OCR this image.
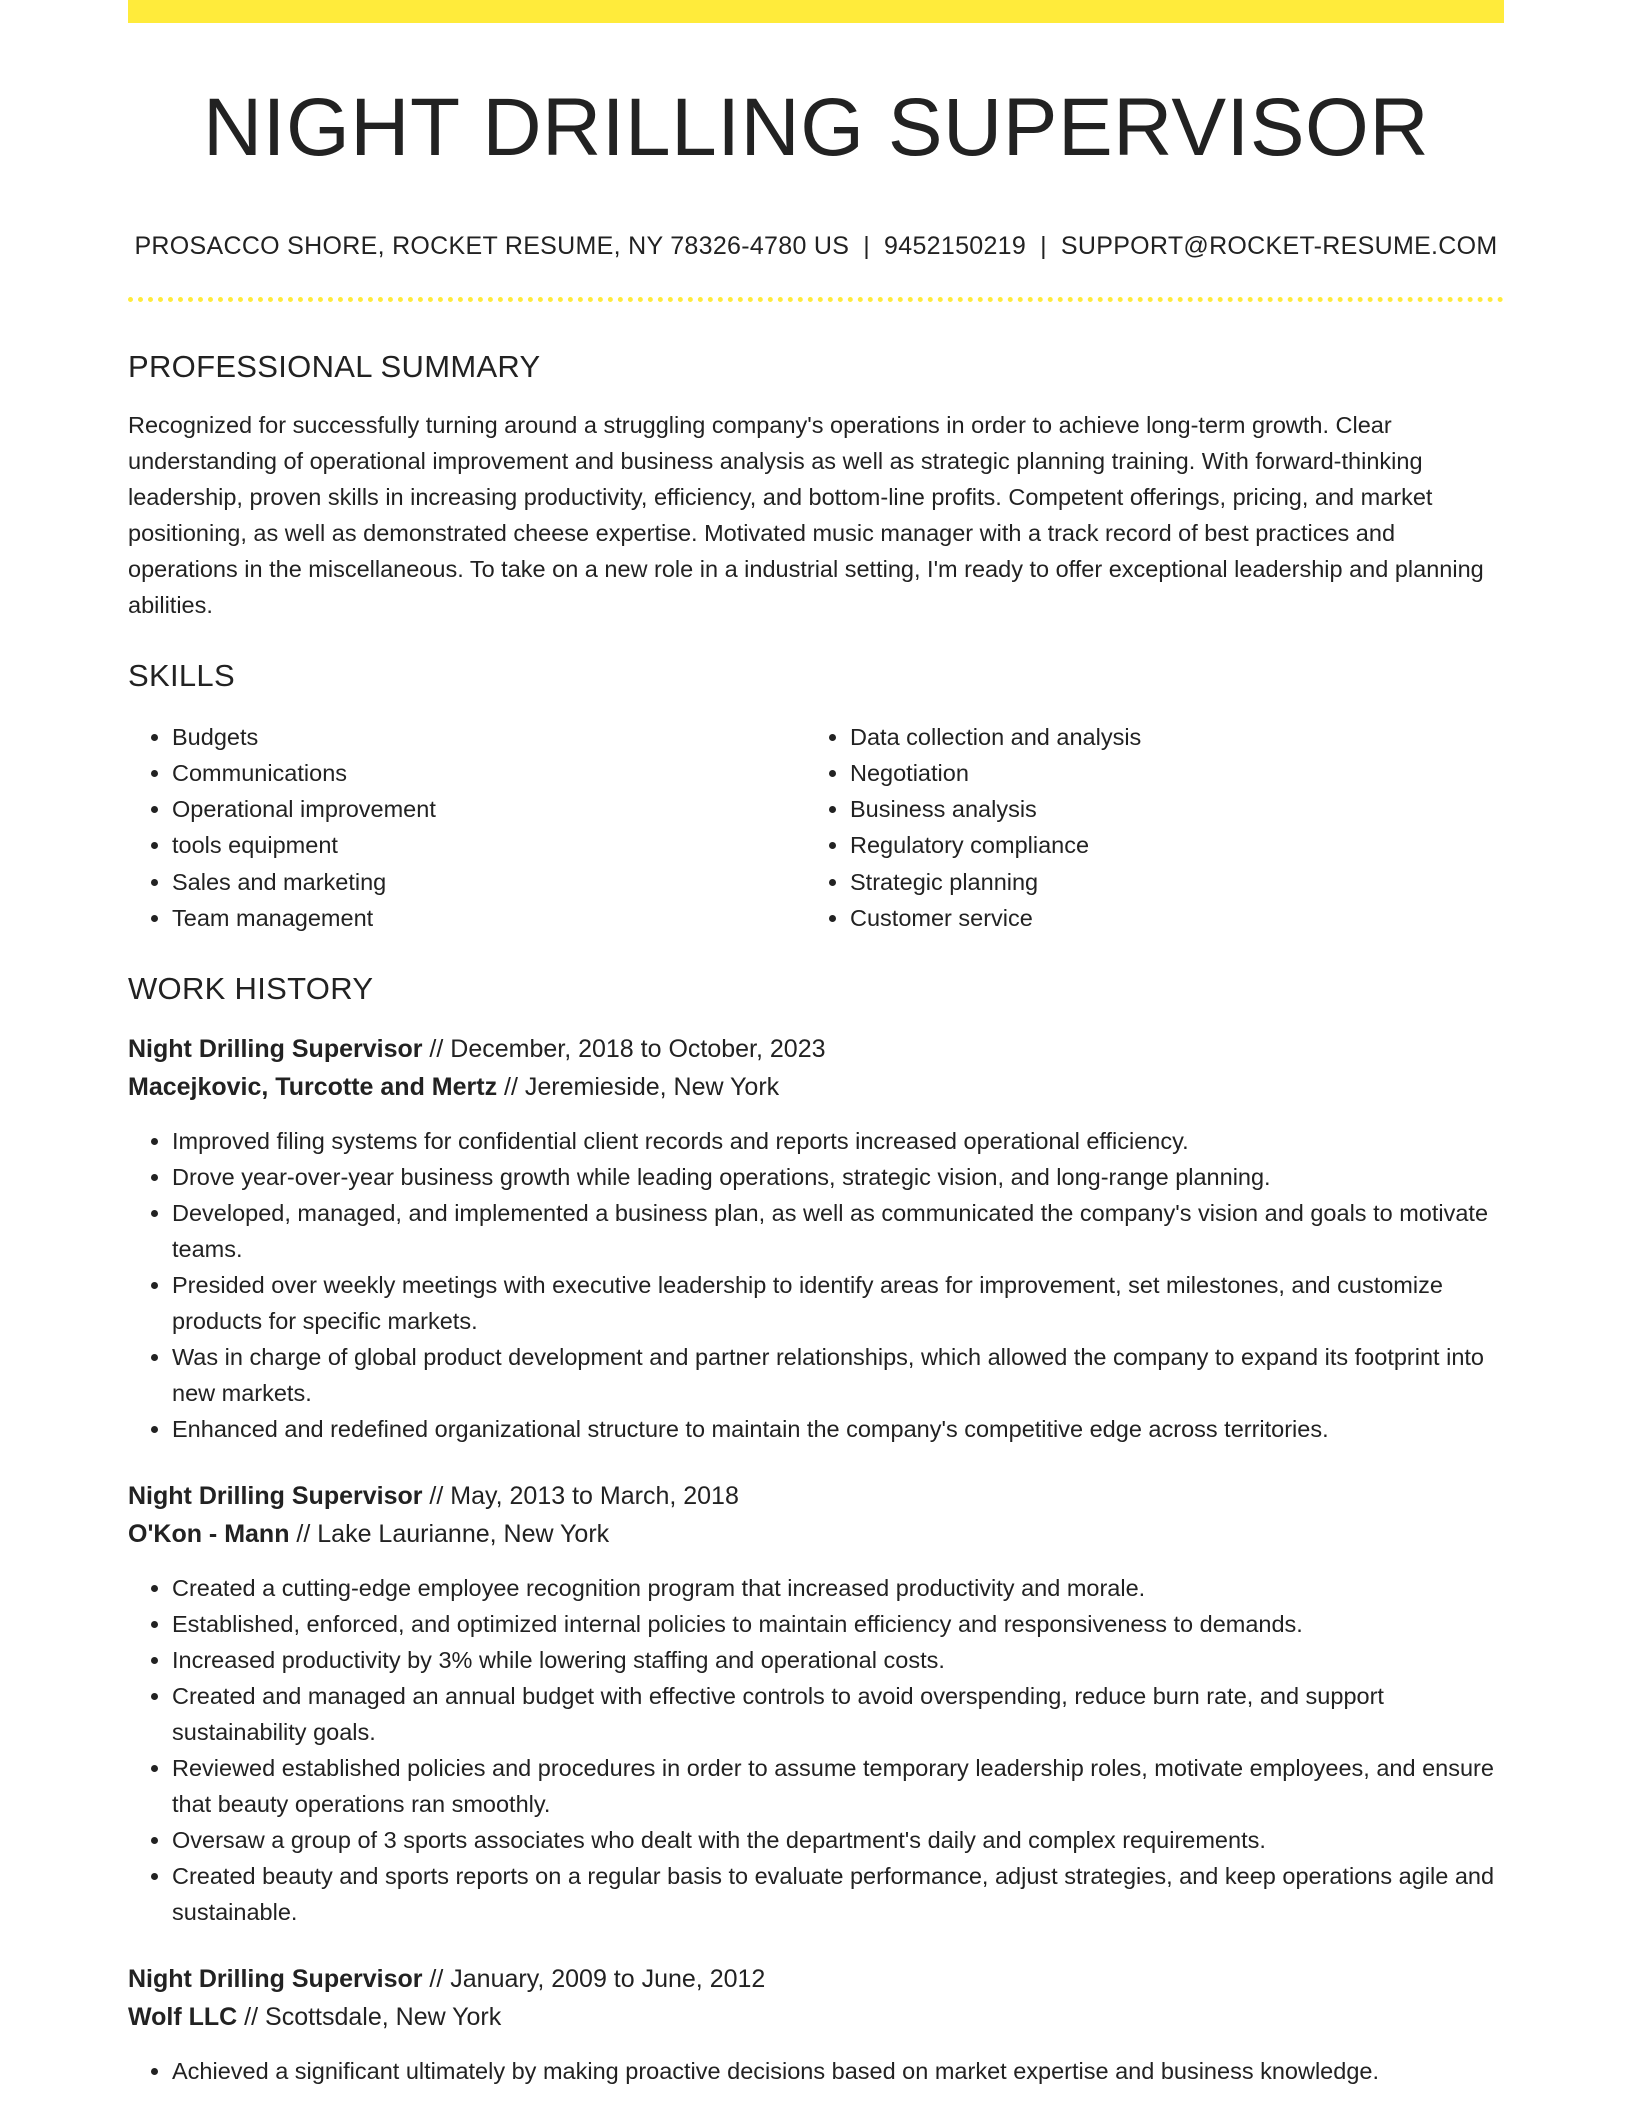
NIGHT DRILLING SUPERVISOR
PROSACCO SHORE, ROCKET RESUME, NY 78326-4780 US | 9452150219 | SUPPORT@ROCKET-RESUME.COM
PROFESSIONAL SUMMARY

Recognized for successfully turning around a struggling company's operations in order to achieve long-term growth. Clear understanding of operational improvement and business analysis as well as strategic planning training. With forward-thinking leadership, proven skills in increasing productivity, efficiency, and bottom-line profits. Competent offerings, pricing, and market positioning, as well as demonstrated cheese expertise. Motivated music manager with a track record of best practices and operations in the miscellaneous. To take on a new role in a industrial setting, I'm ready to offer exceptional leadership and planning abilities.

SKILLS
• Budgets
• Communications
• Operational improvement
• tools equipment
• Sales and marketing
• Team management
• Data collection and analysis
• Negotiation
• Business analysis
• Regulatory compliance
• Strategic planning
• Customer service
WORK HISTORY
Night Drilling Supervisor // December, 2018 to October, 2023
Macejkovic, Turcotte and Mertz // Jeremieside, New York
• Improved filing systems for confidential client records and reports increased operational efficiency.
• Drove year-over-year business growth while leading operations, strategic vision, and long-range planning.
• Developed, managed, and implemented a business plan, as well as communicated the company's vision and goals to motivate teams.
• Presided over weekly meetings with executive leadership to identify areas for improvement, set milestones, and customize products for specific markets.
• Was in charge of global product development and partner relationships, which allowed the company to expand its footprint into new markets.
• Enhanced and redefined organizational structure to maintain the company's competitive edge across territories.
Night Drilling Supervisor // May, 2013 to March, 2018
O'Kon - Mann // Lake Laurianne, New York
• Created a cutting-edge employee recognition program that increased productivity and morale.
• Established, enforced, and optimized internal policies to maintain efficiency and responsiveness to demands.
• Increased productivity by 3% while lowering staffing and operational costs.
• Created and managed an annual budget with effective controls to avoid overspending, reduce burn rate, and support sustainability goals.
• Reviewed established policies and procedures in order to assume temporary leadership roles, motivate employees, and ensure that beauty operations ran smoothly.
• Oversaw a group of 3 sports associates who dealt with the department's daily and complex requirements.
• Created beauty and sports reports on a regular basis to evaluate performance, adjust strategies, and keep operations agile and sustainable.
Night Drilling Supervisor // January, 2009 to June, 2012
Wolf LLC // Scottsdale, New York
• Achieved a significant ultimately by making proactive decisions based on market expertise and business knowledge.
